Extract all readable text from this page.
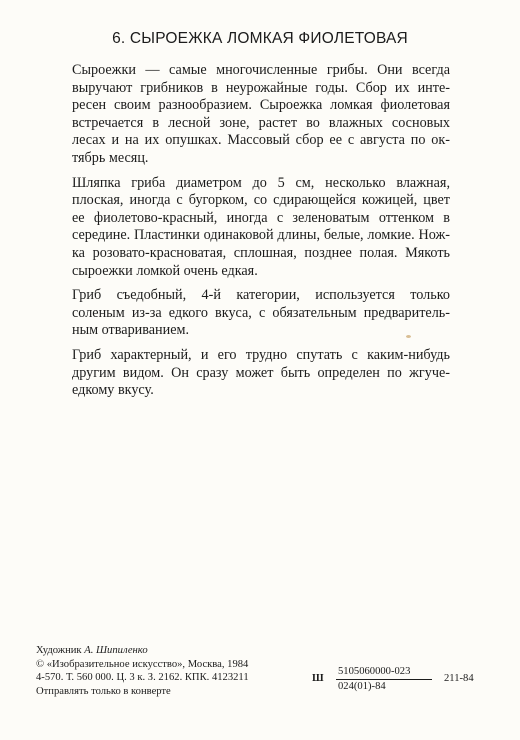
6. СЫРОЕЖКА ЛОМКАЯ ФИОЛЕТОВАЯ

Сыроежки — самые многочисленные грибы. Они всегда
выручают грибников в неурожайные годы. Сбор их инте-
ресен своим разнообразием. Сыроежка ломкая фиолетовая
встречается в лесной зоне, растет во влажных сосновых
лесах и на их опушках. Массовый сбор ее с августа по ок-
тябрь месяц.

Шляпка гриба диаметром до 5 см, несколько влажная,
плоская, иногда с бугорком, со сдирающейся кожицей, цвет
ее фиолетово-красный, иногда с зеленоватым оттенком в
середине. Пластинки одинаковой длины, белые, ломкие. Нож-
ка розовато-красноватая, сплошная, позднее полая. Мякоть
сыроежки ломкой очень едкая.

Гриб съедобный, 4-й категории, используется только
соленым из-за едкого вкуса, с обязательным предваритель-
ным отвариванием.

Гриб характерный, и его трудно спутать с каким-нибудь
другим видом. Он сразу может быть определен по жгуче-
едкому вкусу.

Художник А. Шипиленко
© «Изобразительное искусство», Москва, 1984
4-570. Т. 560 000. Ц. 3 к. З. 2162. КПК. 4123211
Отправлять только в конверте
Ш
5105060000-023
024(01)-84
211-84
